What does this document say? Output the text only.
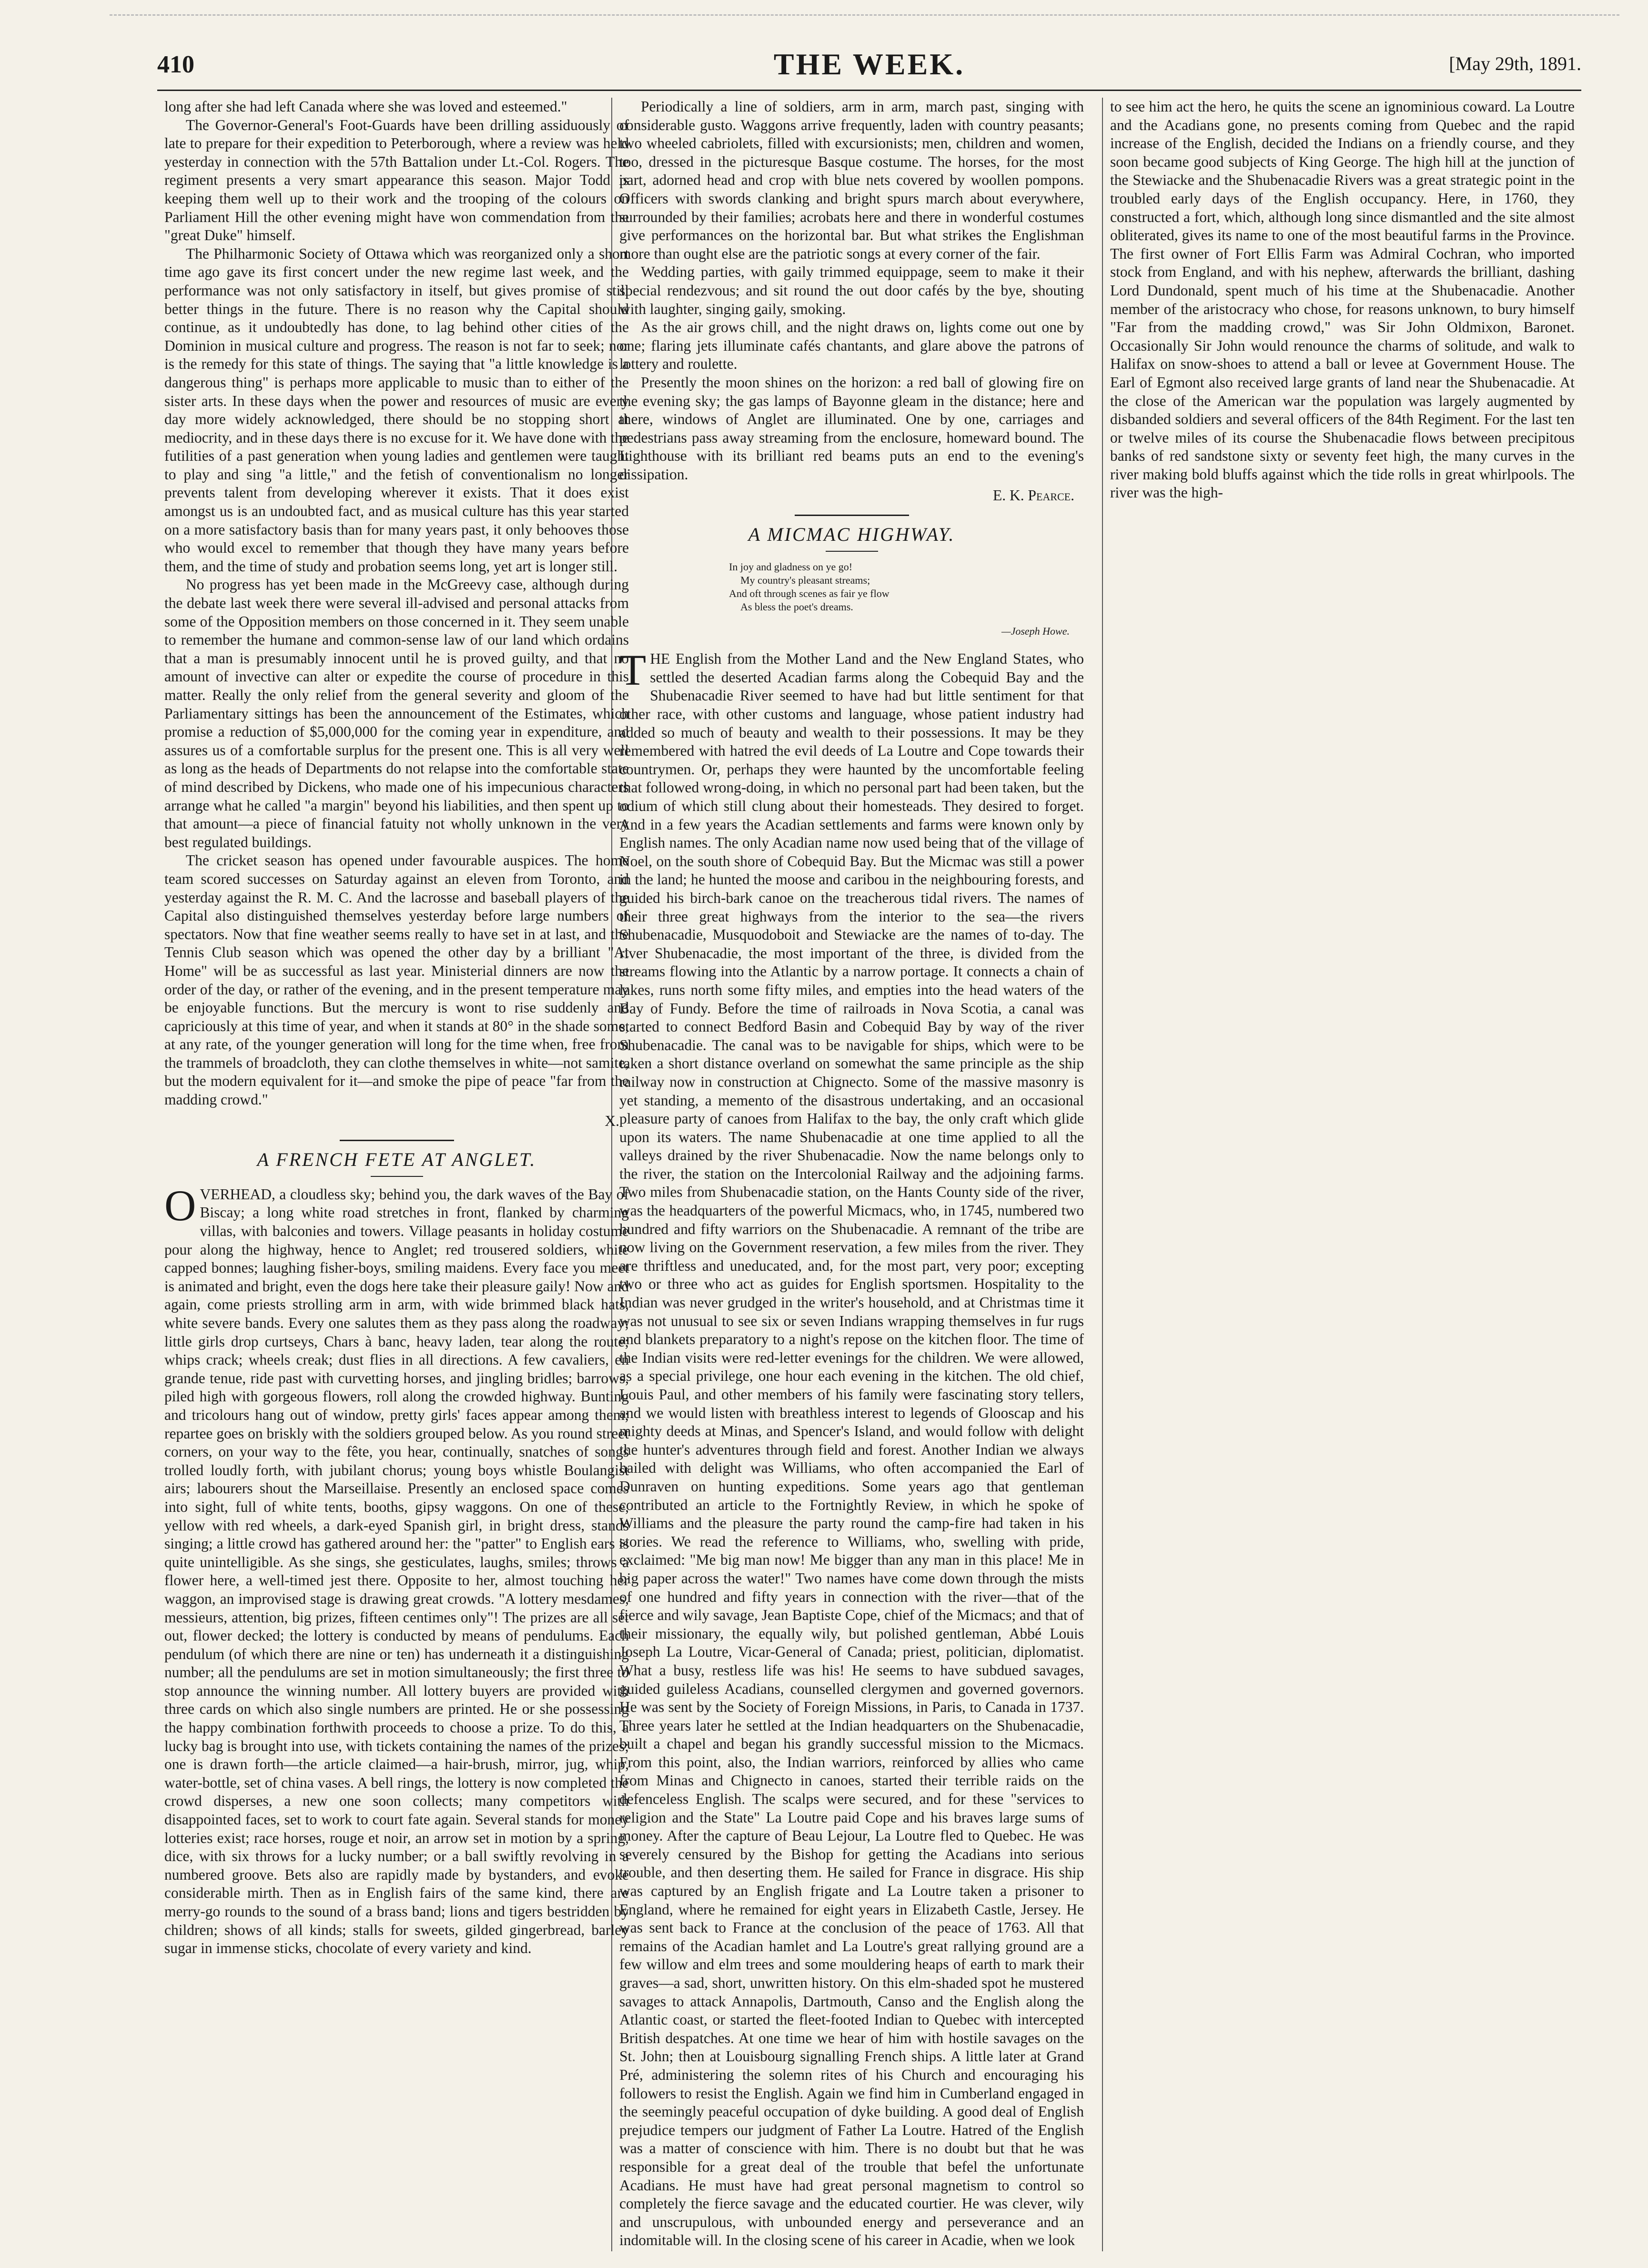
410	THE WEEK.	[May 29th, 1891.

long after she had left Canada where she was loved and esteemed."

The Governor-General's Foot-Guards have been drilling assiduously of late to prepare for their expedition to Peterborough, where a review was held yesterday in connection with the 57th Battalion under Lt.-Col. Rogers. The regiment presents a very smart appearance this season. Major Todd is keeping them well up to their work and the trooping of the colours on Parliament Hill the other evening might have won commendation from the "great Duke" himself.

The Philharmonic Society of Ottawa which was reorganized only a short time ago gave its first concert under the new regime last week, and the performance was not only satisfactory in itself, but gives promise of still better things in the future. There is no reason why the Capital should continue, as it undoubtedly has done, to lag behind other cities of the Dominion in musical culture and progress. The reason is not far to seek; nor is the remedy for this state of things. The saying that "a little knowledge is a dangerous thing" is perhaps more applicable to music than to either of the sister arts. In these days when the power and resources of music are every day more widely acknowledged, there should be no stopping short at mediocrity, and in these days there is no excuse for it. We have done with the futilities of a past generation when young ladies and gentlemen were taught to play and sing "a little," and the fetish of conventionalism no longer prevents talent from developing wherever it exists. That it does exist amongst us is an undoubted fact, and as musical culture has this year started on a more satisfactory basis than for many years past, it only behooves those who would excel to remember that though they have many years before them, and the time of study and probation seems long, yet art is longer still.

No progress has yet been made in the McGreevy case, although during the debate last week there were several ill-advised and personal attacks from some of the Opposition members on those concerned in it. They seem unable to remember the humane and common-sense law of our land which ordains that a man is presumably innocent until he is proved guilty, and that no amount of invective can alter or expedite the course of procedure in this matter. Really the only relief from the general severity and gloom of the Parliamentary sittings has been the announcement of the Estimates, which promise a reduction of $5,000,000 for the coming year in expenditure, and assures us of a comfortable surplus for the present one. This is all very well as long as the heads of Departments do not relapse into the comfortable state of mind described by Dickens, who made one of his impecunious characters arrange what he called "a margin" beyond his liabilities, and then spent up to that amount—a piece of financial fatuity not wholly unknown in the very best regulated buildings.

The cricket season has opened under favourable auspices. The home team scored successes on Saturday against an eleven from Toronto, and yesterday against the R. M. C. And the lacrosse and baseball players of the Capital also distinguished themselves yesterday before large numbers of spectators. Now that fine weather seems really to have set in at last, and the Tennis Club season which was opened the other day by a brilliant "At Home" will be as successful as last year. Ministerial dinners are now the order of the day, or rather of the evening, and in the present temperature may be enjoyable functions. But the mercury is wont to rise suddenly and capriciously at this time of year, and when it stands at 80° in the shade some, at any rate, of the younger generation will long for the time when, free from the trammels of broadcloth, they can clothe themselves in white—not samite, but the modern equivalent for it—and smoke the pipe of peace "far from the madding crowd."

X.
A FRENCH FETE AT ANGLET.

OVERHEAD, a cloudless sky; behind you, the dark waves of the Bay of Biscay; a long white road stretches in front, flanked by charming villas, with balconies and towers. Village peasants in holiday costume pour along the highway, hence to Anglet; red trousered soldiers, white capped bonnes; laughing fisher-boys, smiling maidens. Every face you meet is animated and bright, even the dogs here take their pleasure gaily! Now and again, come priests strolling arm in arm, with wide brimmed black hats, white severe bands. Every one salutes them as they pass along the roadway; little girls drop curtseys, Chars à banc, heavy laden, tear along the route; whips crack; wheels creak; dust flies in all directions. A few cavaliers, en grande tenue, ride past with curvetting horses, and jingling bridles; barrows, piled high with gorgeous flowers, roll along the crowded highway. Bunting and tricolours hang out of window, pretty girls' faces appear among them; repartee goes on briskly with the soldiers grouped below. As you round street corners, on your way to the fête, you hear, continually, snatches of songs trolled loudly forth, with jubilant chorus; young boys whistle Boulangist airs; labourers shout the Marseillaise. Presently an enclosed space comes into sight, full of white tents, booths, gipsy waggons. On one of these, yellow with red wheels, a dark-eyed Spanish girl, in bright dress, stands singing; a little crowd has gathered around her: the "patter" to English ears is quite unintelligible. As she sings, she gesticulates, laughs, smiles; throws a flower here, a well-timed jest there. Opposite to her, almost touching her waggon, an improvised stage is drawing great crowds. "A lottery mesdames, messieurs, attention, big prizes, fifteen centimes only"! The prizes are all set out, flower decked; the lottery is conducted by means of pendulums. Each pendulum (of which there are nine or ten) has underneath it a distinguishing number; all the pendulums are set in motion simultaneously; the first three to stop announce the winning number. All lottery buyers are provided with three cards on which also single numbers are printed. He or she possessing the happy combination forthwith proceeds to choose a prize. To do this, a lucky bag is brought into use, with tickets containing the names of the prizes; one is drawn forth—the article claimed—a hair-brush, mirror, jug, whip, water-bottle, set of china vases. A bell rings, the lottery is now completed the crowd disperses, a new one soon collects; many competitors with disappointed faces, set to work to court fate again. Several stands for money lotteries exist; race horses, rouge et noir, an arrow set in motion by a spring, dice, with six throws for a lucky number; or a ball swiftly revolving in a numbered groove. Bets also are rapidly made by bystanders, and evoke considerable mirth. Then as in English fairs of the same kind, there are merry-go rounds to the sound of a brass band; lions and tigers bestridden by children; shows of all kinds; stalls for sweets, gilded gingerbread, barley sugar in immense sticks, chocolate of every variety and kind.

Periodically a line of soldiers, arm in arm, march past, singing with considerable gusto. Waggons arrive frequently, laden with country peasants; two wheeled cabriolets, filled with excursionists; men, children and women, too, dressed in the picturesque Basque costume. The horses, for the most part, adorned head and crop with blue nets covered by woollen pompons. Officers with swords clanking and bright spurs march about everywhere, surrounded by their families; acrobats here and there in wonderful costumes give performances on the horizontal bar. But what strikes the Englishman more than ought else are the patriotic songs at every corner of the fair.

Wedding parties, with gaily trimmed equippage, seem to make it their special rendezvous; and sit round the out door cafés by the bye, shouting with laughter, singing gaily, smoking.

As the air grows chill, and the night draws on, lights come out one by one; flaring jets illuminate cafés chantants, and glare above the patrons of lottery and roulette.

Presently the moon shines on the horizon: a red ball of glowing fire on the evening sky; the gas lamps of Bayonne gleam in the distance; here and there, windows of Anglet are illuminated. One by one, carriages and pedestrians pass away streaming from the enclosure, homeward bound. The Lighthouse with its brilliant red beams puts an end to the evening's dissipation.

E. K. Pearce.
A MICMAC HIGHWAY.
In joy and gladness on ye go!
My country's pleasant streams;
And oft through scenes as fair ye flow
As bless the poet's dreams.
—Joseph Howe.

THE English from the Mother Land and the New England States, who settled the deserted Acadian farms along the Cobequid Bay and the Shubenacadie River seemed to have had but little sentiment for that other race, with other customs and language, whose patient industry had added so much of beauty and wealth to their possessions. It may be they remembered with hatred the evil deeds of La Loutre and Cope towards their countrymen. Or, perhaps they were haunted by the uncomfortable feeling that followed wrong-doing, in which no personal part had been taken, but the odium of which still clung about their homesteads. They desired to forget. And in a few years the Acadian settlements and farms were known only by English names. The only Acadian name now used being that of the village of Noel, on the south shore of Cobequid Bay. But the Micmac was still a power in the land; he hunted the moose and caribou in the neighbouring forests, and guided his birch-bark canoe on the treacherous tidal rivers. The names of their three great highways from the interior to the sea—the rivers Shubenacadie, Musquodoboit and Stewiacke are the names of to-day. The river Shubenacadie, the most important of the three, is divided from the streams flowing into the Atlantic by a narrow portage. It connects a chain of lakes, runs north some fifty miles, and empties into the head waters of the Bay of Fundy. Before the time of railroads in Nova Scotia, a canal was started to connect Bedford Basin and Cobequid Bay by way of the river Shubenacadie. The canal was to be navigable for ships, which were to be taken a short distance overland on somewhat the same principle as the ship railway now in construction at Chignecto. Some of the massive masonry is yet standing, a memento of the disastrous undertaking, and an occasional pleasure party of canoes from Halifax to the bay, the only craft which glide upon its waters. The name Shubenacadie at one time applied to all the valleys drained by the river Shubenacadie. Now the name belongs only to the river, the station on the Intercolonial Railway and the adjoining farms. Two miles from Shubenacadie station, on the Hants County side of the river, was the headquarters of the powerful Micmacs, who, in 1745, numbered two hundred and fifty warriors on the Shubenacadie. A remnant of the tribe are now living on the Government reservation, a few miles from the river. They are thriftless and uneducated, and, for the most part, very poor; excepting two or three who act as guides for English sportsmen. Hospitality to the Indian was never grudged in the writer's household, and at Christmas time it was not unusual to see six or seven Indians wrapping themselves in fur rugs and blankets preparatory to a night's repose on the kitchen floor. The time of the Indian visits were red-letter evenings for the children. We were allowed, as a special privilege, one hour each evening in the kitchen. The old chief, Louis Paul, and other members of his family were fascinating story tellers, and we would listen with breathless interest to legends of Glooscap and his mighty deeds at Minas, and Spencer's Island, and would follow with delight the hunter's adventures through field and forest. Another Indian we always hailed with delight was Williams, who often accompanied the Earl of Dunraven on hunting expeditions. Some years ago that gentleman contributed an article to the Fortnightly Review, in which he spoke of Williams and the pleasure the party round the camp-fire had taken in his stories. We read the reference to Williams, who, swelling with pride, exclaimed: "Me big man now! Me bigger than any man in this place! Me in big paper across the water!" Two names have come down through the mists of one hundred and fifty years in connection with the river—that of the fierce and wily savage, Jean Baptiste Cope, chief of the Micmacs; and that of their missionary, the equally wily, but polished gentleman, Abbé Louis Joseph La Loutre, Vicar-General of Canada; priest, politician, diplomatist. What a busy, restless life was his! He seems to have subdued savages, guided guileless Acadians, counselled clergymen and governed governors. He was sent by the Society of Foreign Missions, in Paris, to Canada in 1737. Three years later he settled at the Indian headquarters on the Shubenacadie, built a chapel and began his grandly successful mission to the Micmacs. From this point, also, the Indian warriors, reinforced by allies who came from Minas and Chignecto in canoes, started their terrible raids on the defenceless English. The scalps were secured, and for these "services to religion and the State" La Loutre paid Cope and his braves large sums of money. After the capture of Beau Lejour, La Loutre fled to Quebec. He was severely censured by the Bishop for getting the Acadians into serious trouble, and then deserting them. He sailed for France in disgrace. His ship was captured by an English frigate and La Loutre taken a prisoner to England, where he remained for eight years in Elizabeth Castle, Jersey. He was sent back to France at the conclusion of the peace of 1763. All that remains of the Acadian hamlet and La Loutre's great rallying ground are a few willow and elm trees and some mouldering heaps of earth to mark their graves—a sad, short, unwritten history. On this elm-shaded spot he mustered savages to attack Annapolis, Dartmouth, Canso and the English along the Atlantic coast, or started the fleet-footed Indian to Quebec with intercepted British despatches. At one time we hear of him with hostile savages on the St. John; then at Louisbourg signalling French ships. A little later at Grand Pré, administering the solemn rites of his Church and encouraging his followers to resist the English. Again we find him in Cumberland engaged in the seemingly peaceful occupation of dyke building. A good deal of English prejudice tempers our judgment of Father La Loutre. Hatred of the English was a matter of conscience with him. There is no doubt but that he was responsible for a great deal of the trouble that befel the unfortunate Acadians. He must have had great personal magnetism to control so completely the fierce savage and the educated courtier. He was clever, wily and unscrupulous, with unbounded energy and perseverance and an indomitable will. In the closing scene of his career in Acadie, when we look

to see him act the hero, he quits the scene an ignominious coward. La Loutre and the Acadians gone, no presents coming from Quebec and the rapid increase of the English, decided the Indians on a friendly course, and they soon became good subjects of King George. The high hill at the junction of the Stewiacke and the Shubenacadie Rivers was a great strategic point in the troubled early days of the English occupancy. Here, in 1760, they constructed a fort, which, although long since dismantled and the site almost obliterated, gives its name to one of the most beautiful farms in the Province. The first owner of Fort Ellis Farm was Admiral Cochran, who imported stock from England, and with his nephew, afterwards the brilliant, dashing Lord Dundonald, spent much of his time at the Shubenacadie. Another member of the aristocracy who chose, for reasons unknown, to bury himself "Far from the madding crowd," was Sir John Oldmixon, Baronet. Occasionally Sir John would renounce the charms of solitude, and walk to Halifax on snow-shoes to attend a ball or levee at Government House. The Earl of Egmont also received large grants of land near the Shubenacadie. At the close of the American war the population was largely augmented by disbanded soldiers and several officers of the 84th Regiment. For the last ten or twelve miles of its course the Shubenacadie flows between precipitous banks of red sandstone sixty or seventy feet high, the many curves in the river making bold bluffs against which the tide rolls in great whirlpools. The river was the high-
